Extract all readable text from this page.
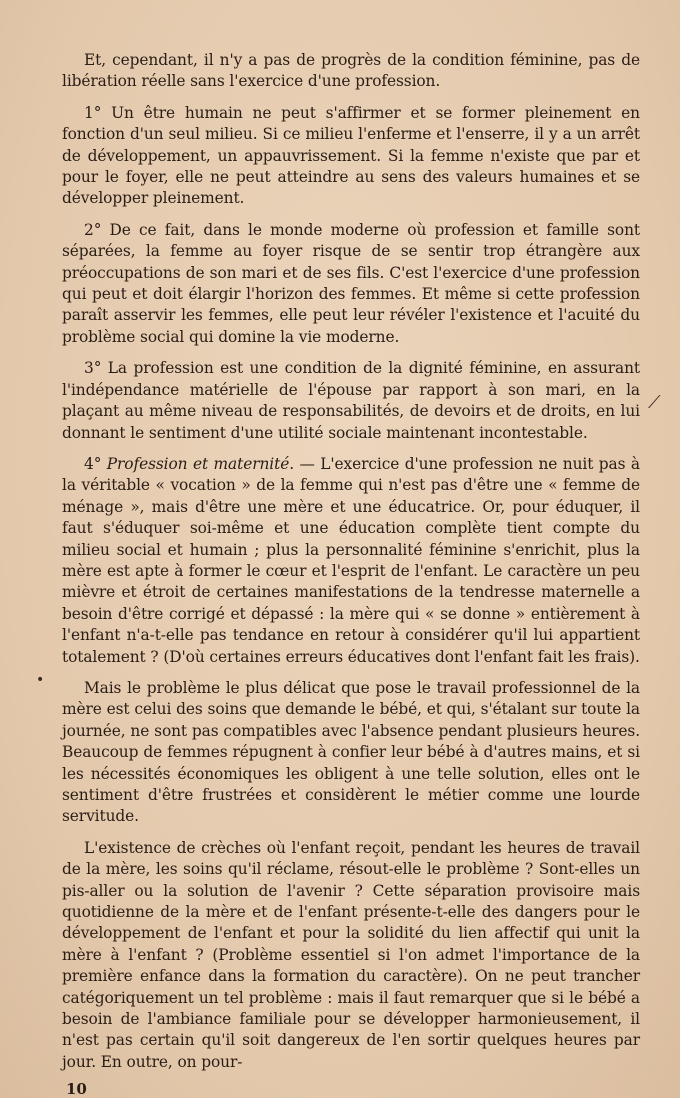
•
⟋

Et, cependant, il n'y a pas de progrès de la condition féminine, pas de libération réelle sans l'exercice d'une profession.

1° Un être humain ne peut s'affirmer et se former pleinement en fonction d'un seul milieu. Si ce milieu l'enferme et l'enserre, il y a un arrêt de développement, un appauvrissement. Si la femme n'existe que par et pour le foyer, elle ne peut atteindre au sens des valeurs humaines et se développer pleinement.

2° De ce fait, dans le monde moderne où profession et famille sont séparées, la femme au foyer risque de se sentir trop étrangère aux préoccupations de son mari et de ses fils. C'est l'exercice d'une profession qui peut et doit élargir l'horizon des femmes. Et même si cette profession paraît asservir les femmes, elle peut leur révéler l'existence et l'acuité du problème social qui domine la vie moderne.

3° La profession est une condition de la dignité féminine, en assurant l'indépendance matérielle de l'épouse par rapport à son mari, en la plaçant au même niveau de responsabilités, de devoirs et de droits, en lui donnant le sentiment d'une utilité sociale maintenant incontestable.

4° Profession et maternité. — L'exercice d'une profession ne nuit pas à la véritable « vocation » de la femme qui n'est pas d'être une « femme de ménage », mais d'être une mère et une éducatrice. Or, pour éduquer, il faut s'éduquer soi-même et une éducation complète tient compte du milieu social et humain ; plus la personnalité féminine s'enrichit, plus la mère est apte à former le cœur et l'esprit de l'enfant. Le caractère un peu mièvre et étroit de certaines manifestations de la tendresse maternelle a besoin d'être corrigé et dépassé : la mère qui « se donne » entièrement à l'enfant n'a-t-elle pas tendance en retour à considérer qu'il lui appartient totalement ? (D'où certaines erreurs éducatives dont l'enfant fait les frais).

Mais le problème le plus délicat que pose le travail professionnel de la mère est celui des soins que demande le bébé, et qui, s'étalant sur toute la journée, ne sont pas compatibles avec l'absence pendant plusieurs heures. Beaucoup de femmes répugnent à confier leur bébé à d'autres mains, et si les nécessités économiques les obligent à une telle solution, elles ont le sentiment d'être frustrées et considèrent le métier comme une lourde servitude.

L'existence de crèches où l'enfant reçoit, pendant les heures de travail de la mère, les soins qu'il réclame, résout-elle le problème ? Sont-elles un pis-aller ou la solution de l'avenir ? Cette séparation provisoire mais quotidienne de la mère et de l'enfant présente-t-elle des dangers pour le développement de l'enfant et pour la solidité du lien affectif qui unit la mère à l'enfant ? (Problème essentiel si l'on admet l'importance de la première enfance dans la formation du caractère). On ne peut trancher catégoriquement un tel problème : mais il faut remarquer que si le bébé a besoin de l'ambiance familiale pour se développer harmonieusement, il n'est pas certain qu'il soit dangereux de l'en sortir quelques heures par jour. En outre, on pour-

10
